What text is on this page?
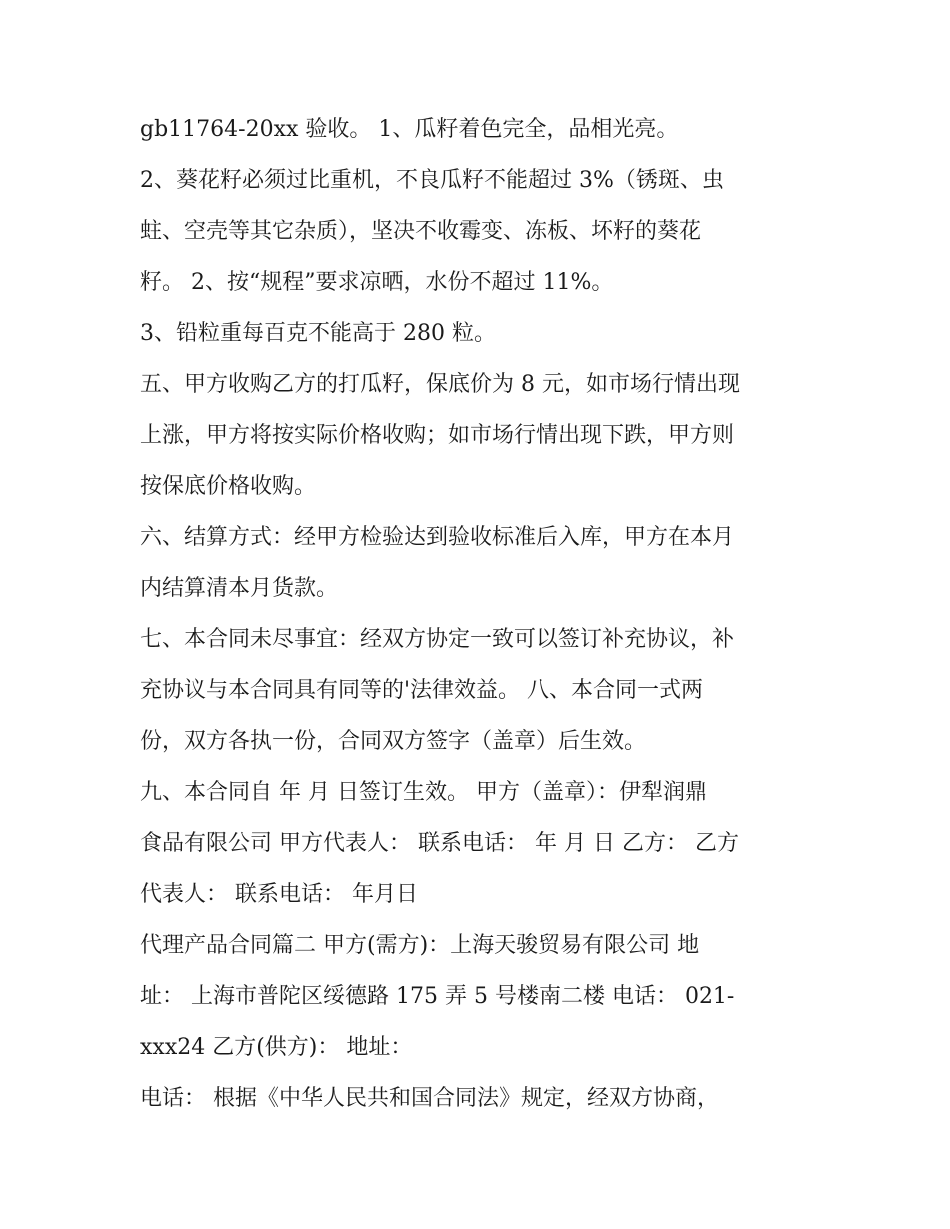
gb11764-20xx 验收。 1、瓜籽着色完全，品相光亮。
2、葵花籽必须过比重机，不良瓜籽不能超过 3%（锈斑、虫
蛀、空壳等其它杂质），坚决不收霉变、冻板、坏籽的葵花
籽。 2、按“规程”要求凉晒，水份不超过 11%。
3、铅粒重每百克不能高于 280 粒。
五、甲方收购乙方的打瓜籽，保底价为 8 元，如市场行情出现
上涨，甲方将按实际价格收购；如市场行情出现下跌，甲方则
按保底价格收购。
六、结算方式：经甲方检验达到验收标准后入库，甲方在本月
内结算清本月货款。
七、本合同未尽事宜：经双方协定一致可以签订补充协议，补
充协议与本合同具有同等的'法律效益。 八、本合同一式两
份，双方各执一份，合同双方签字（盖章）后生效。
九、本合同自 年 月 日签订生效。 甲方（盖章）：伊犁润鼎
食品有限公司 甲方代表人： 联系电话： 年 月 日 乙方： 乙方
代表人： 联系电话： 年月日
代理产品合同篇二 甲方(需方)：上海天骏贸易有限公司 地
址： 上海市普陀区绥德路 175 弄 5 号楼南二楼 电话： 021-
xxx24 乙方(供方)： 地址：
电话： 根据《中华人民共和国合同法》规定，经双方协商，
